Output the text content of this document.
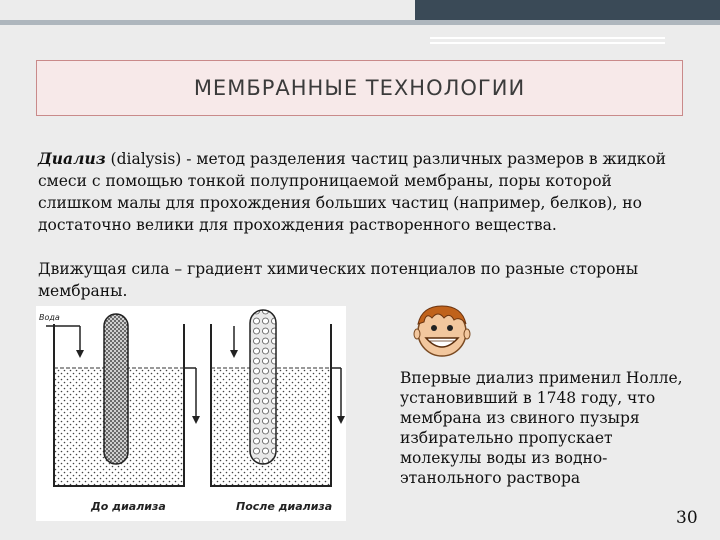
МЕМБРАННЫЕ ТЕХНОЛОГИИ
Диализ (dialysis) - метод разделения частиц различных размеров в жидкой смеси с помощью тонкой полупроницаемой мембраны, поры которой слишком малы для прохождения больших частиц (например, белков), но достаточно велики для прохождения растворенного вещества.
Движущая сила – градиент химических потенциалов по разные стороны мембраны.
Вода
До диализа	После диализа
Впервые диализ применил Нолле, установивший в 1748 году, что мембрана из свиного пузыря избирательно пропускает молекулы воды из водно-этанольного раствора
30
